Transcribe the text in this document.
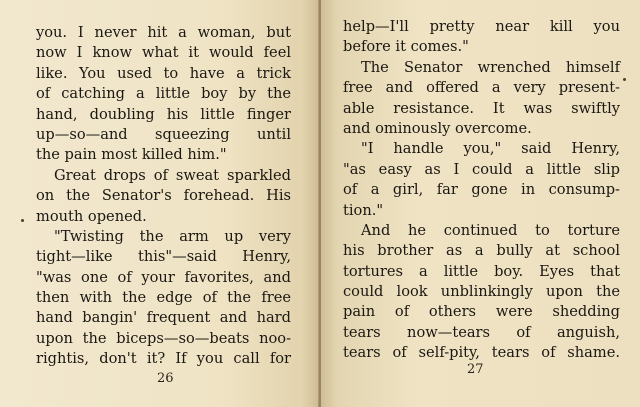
you. I never hit a woman, but
now I know what it would feel
like. You used to have a trick
of catching a little boy by the
hand, doubling his little finger
up—so—and squeezing until
the pain most killed him."
Great drops of sweat sparkled
on the Senator's forehead. His
mouth opened.
"Twisting the arm up very
tight—like this"—said Henry,
"was one of your favorites, and
then with the edge of the free
hand bangin' frequent and hard
upon the biceps—so—beats noo-
rightis, don't it? If you call for
26
help—I'll pretty near kill you
before it comes."
The Senator wrenched himself
free and offered a very present-
able resistance. It was swiftly
and ominously overcome.
"I handle you," said Henry,
"as easy as I could a little slip
of a girl, far gone in consump-
tion."
And he continued to torture
his brother as a bully at school
tortures a little boy. Eyes that
could look unblinkingly upon the
pain of others were shedding
tears now—tears of anguish,
tears of self-pity, tears of shame.
27
